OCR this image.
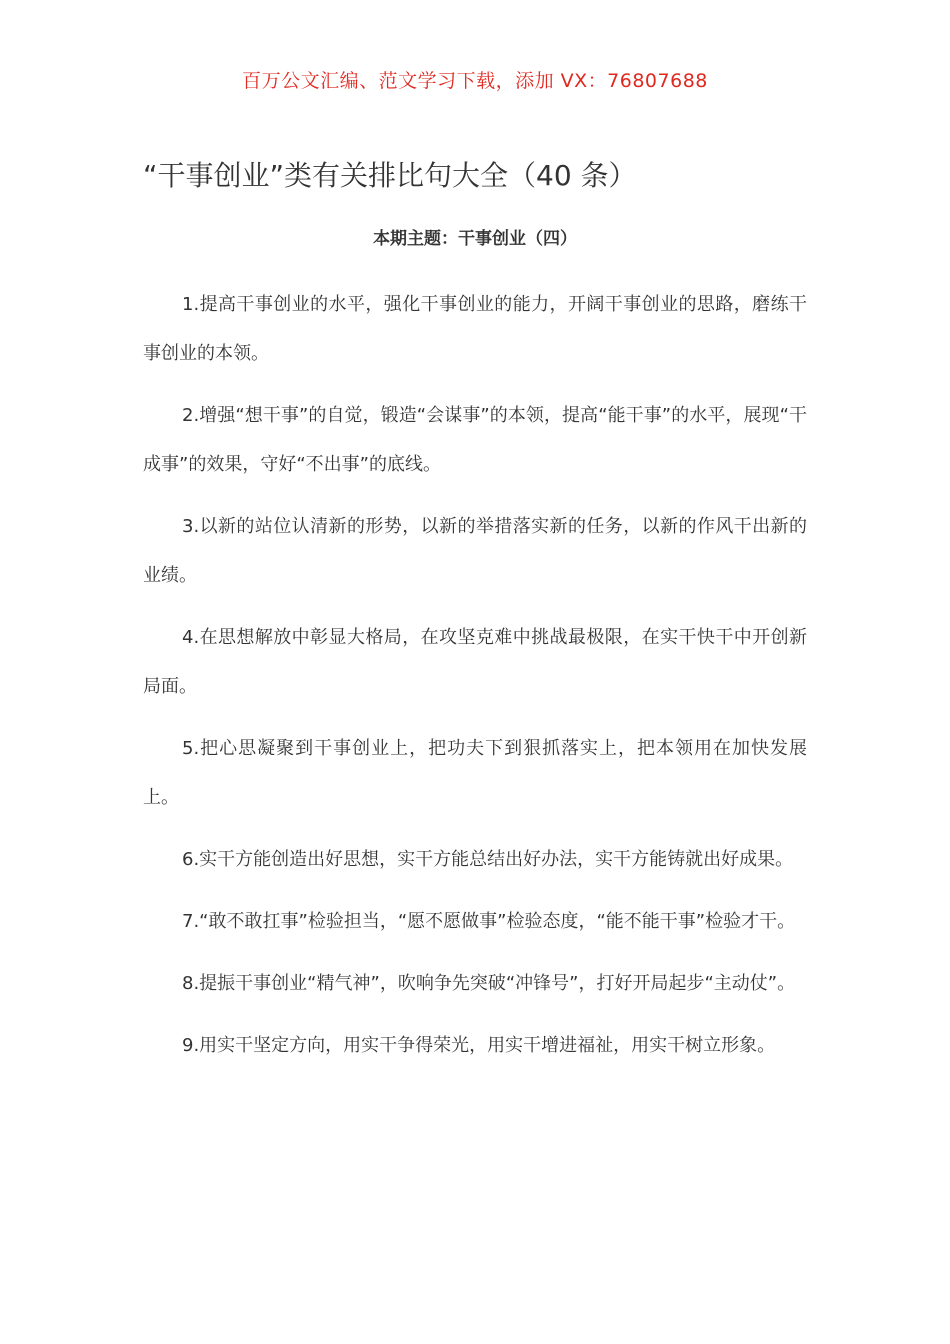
百万公文汇编、范文学习下载，添加 VX：76807688
“干事创业”类有关排比句大全（40 条）
本期主题：干事创业（四）

1.提高干事创业的水平，强化干事创业的能力，开阔干事创业的思路，磨练干事创业的本领。

2.增强“想干事”的自觉，锻造“会谋事”的本领，提高“能干事”的水平，展现“干成事”的效果，守好“不出事”的底线。

3.以新的站位认清新的形势，以新的举措落实新的任务，以新的作风干出新的业绩。

4.在思想解放中彰显大格局，在攻坚克难中挑战最极限，在实干快干中开创新局面。

5.把心思凝聚到干事创业上，把功夫下到狠抓落实上，把本领用在加快发展上。

6.实干方能创造出好思想，实干方能总结出好办法，实干方能铸就出好成果。

7.“敢不敢扛事”检验担当，“愿不愿做事”检验态度，“能不能干事”检验才干。

8.提振干事创业“精气神”，吹响争先突破“冲锋号”，打好开局起步“主动仗”。

9.用实干坚定方向，用实干争得荣光，用实干增进福祉，用实干树立形象。
